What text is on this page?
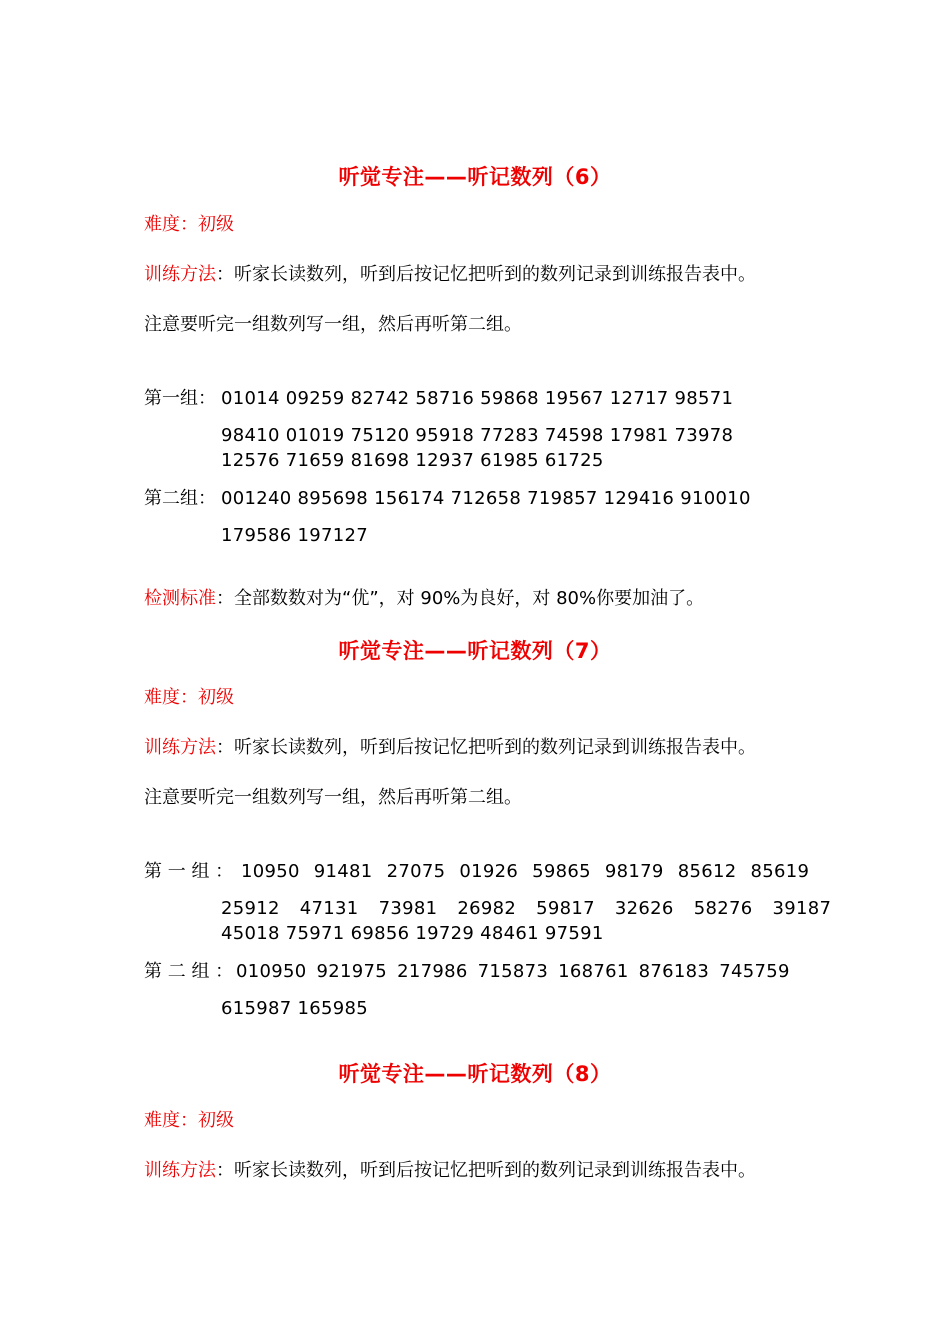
听觉专注——听记数列（6）
难度：初级
训练方法：听家长读数列，听到后按记忆把听到的数列记录到训练报告表中。
注意要听完一组数列写一组，然后再听第二组。
第一组： 01014 09259 82742 58716 59868 19567 12717 98571
98410 01019 75120 95918 77283 74598 17981 73978
12576 71659 81698 12937 61985 61725
第二组： 001240 895698 156174 712658 719857 129416 910010
179586 197127
检测标准：全部数数对为“优”，对 90%为良好，对 80%你要加油了。
听觉专注——听记数列（7）
难度：初级
训练方法：听家长读数列，听到后按记忆把听到的数列记录到训练报告表中。
注意要听完一组数列写一组，然后再听第二组。
第 一 组 ： 10950 91481 27075 01926 59865 98179 85612 85619
25912 47131 73981 26982 59817 32626 58276 39187
45018 75971 69856 19729 48461 97591
第 二 组 ： 010950 921975 217986 715873 168761 876183 745759
615987 165985
听觉专注——听记数列（8）
难度：初级
训练方法：听家长读数列，听到后按记忆把听到的数列记录到训练报告表中。
